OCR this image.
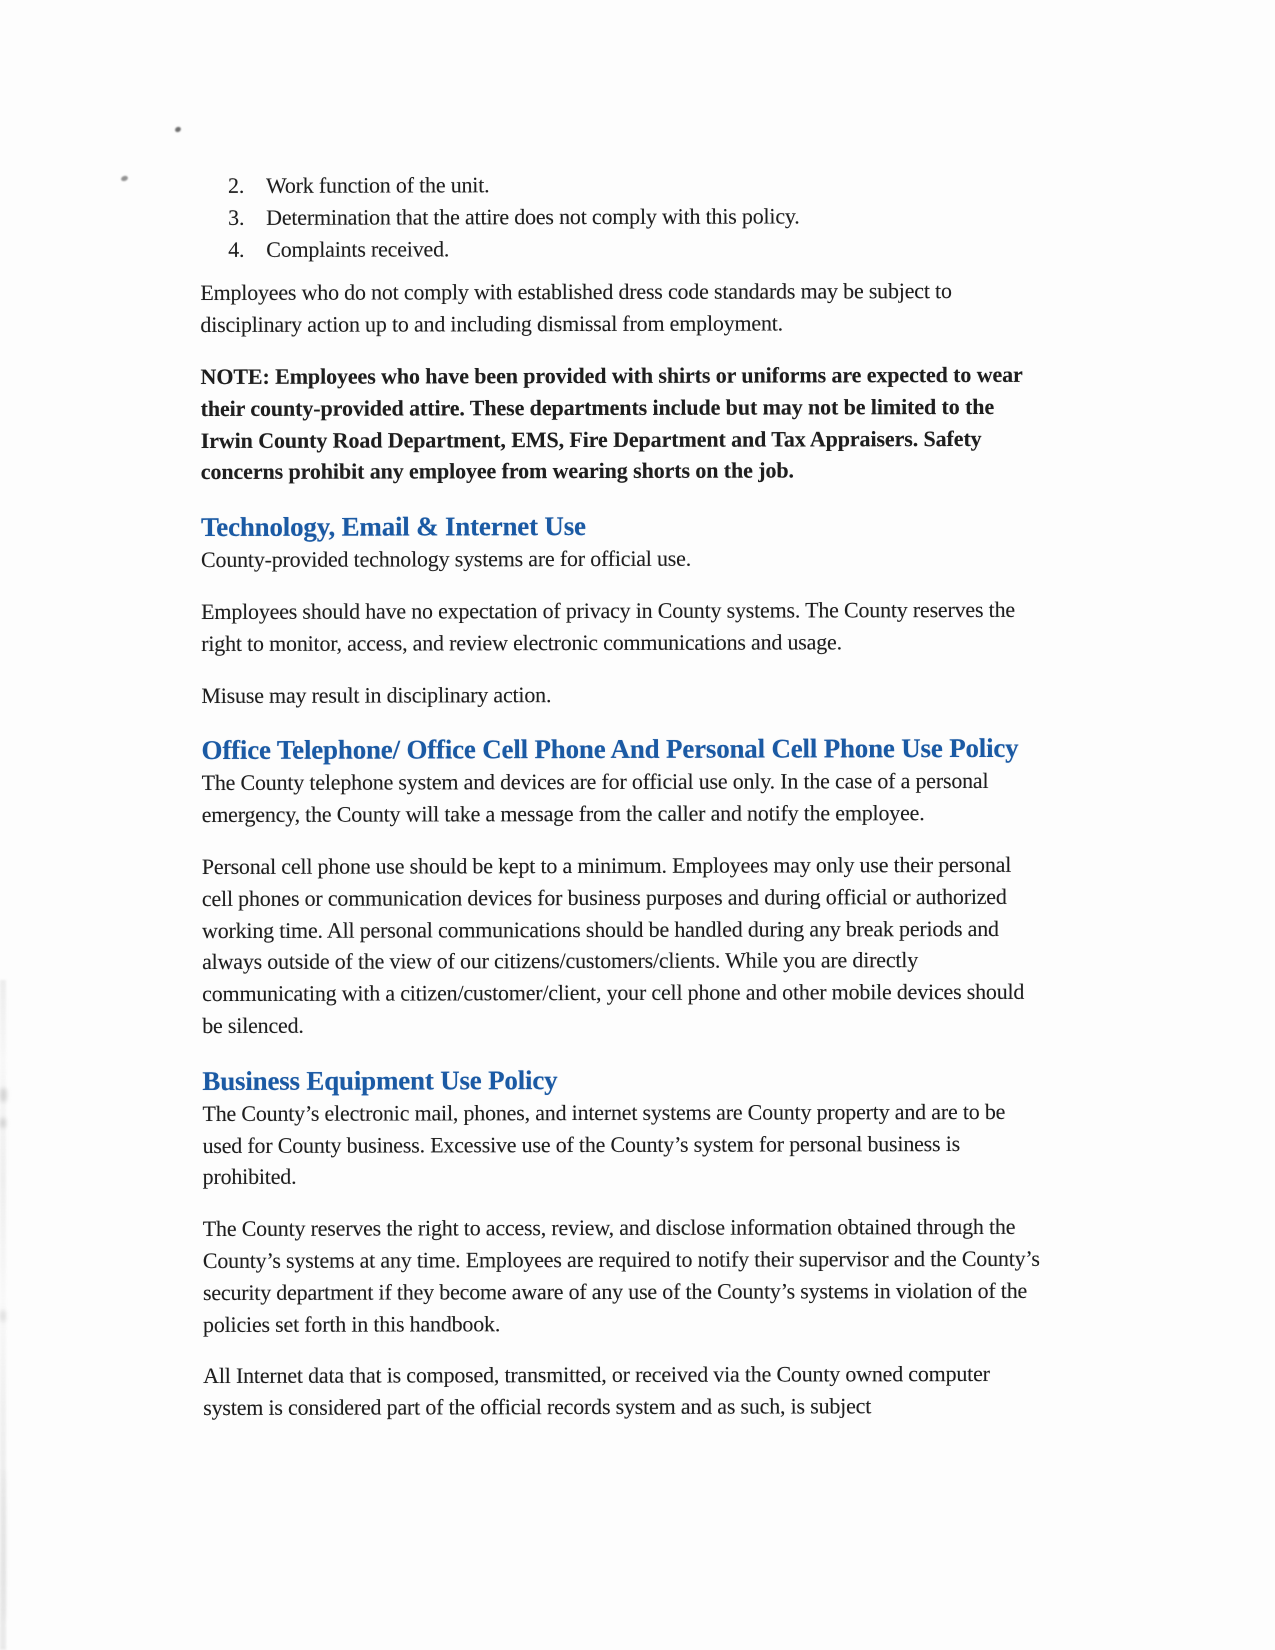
2. Work function of the unit.
3. Determination that the attire does not comply with this policy.
4. Complaints received.

Employees who do not comply with established dress code standards may be subject to disciplinary action up to and including dismissal from employment.

NOTE: Employees who have been provided with shirts or uniforms are expected to wear their county-provided attire. These departments include but may not be limited to the Irwin County Road Department, EMS, Fire Department and Tax Appraisers. Safety concerns prohibit any employee from wearing shorts on the job.

Technology, Email & Internet Use

County-provided technology systems are for official use.

Employees should have no expectation of privacy in County systems. The County reserves the right to monitor, access, and review electronic communications and usage.

Misuse may result in disciplinary action.

Office Telephone/ Office Cell Phone And Personal Cell Phone Use Policy

The County telephone system and devices are for official use only. In the case of a personal emergency, the County will take a message from the caller and notify the employee.

Personal cell phone use should be kept to a minimum. Employees may only use their personal cell phones or communication devices for business purposes and during official or authorized working time. All personal communications should be handled during any break periods and always outside of the view of our citizens/customers/clients. While you are directly communicating with a citizen/customer/client, your cell phone and other mobile devices should be silenced.

Business Equipment Use Policy

The County’s electronic mail, phones, and internet systems are County property and are to be used for County business. Excessive use of the County’s system for personal business is prohibited.

The County reserves the right to access, review, and disclose information obtained through the County’s systems at any time. Employees are required to notify their supervisor and the County’s security department if they become aware of any use of the County’s systems in violation of the policies set forth in this handbook.

All Internet data that is composed, transmitted, or received via the County owned computer system is considered part of the official records system and as such, is subject
